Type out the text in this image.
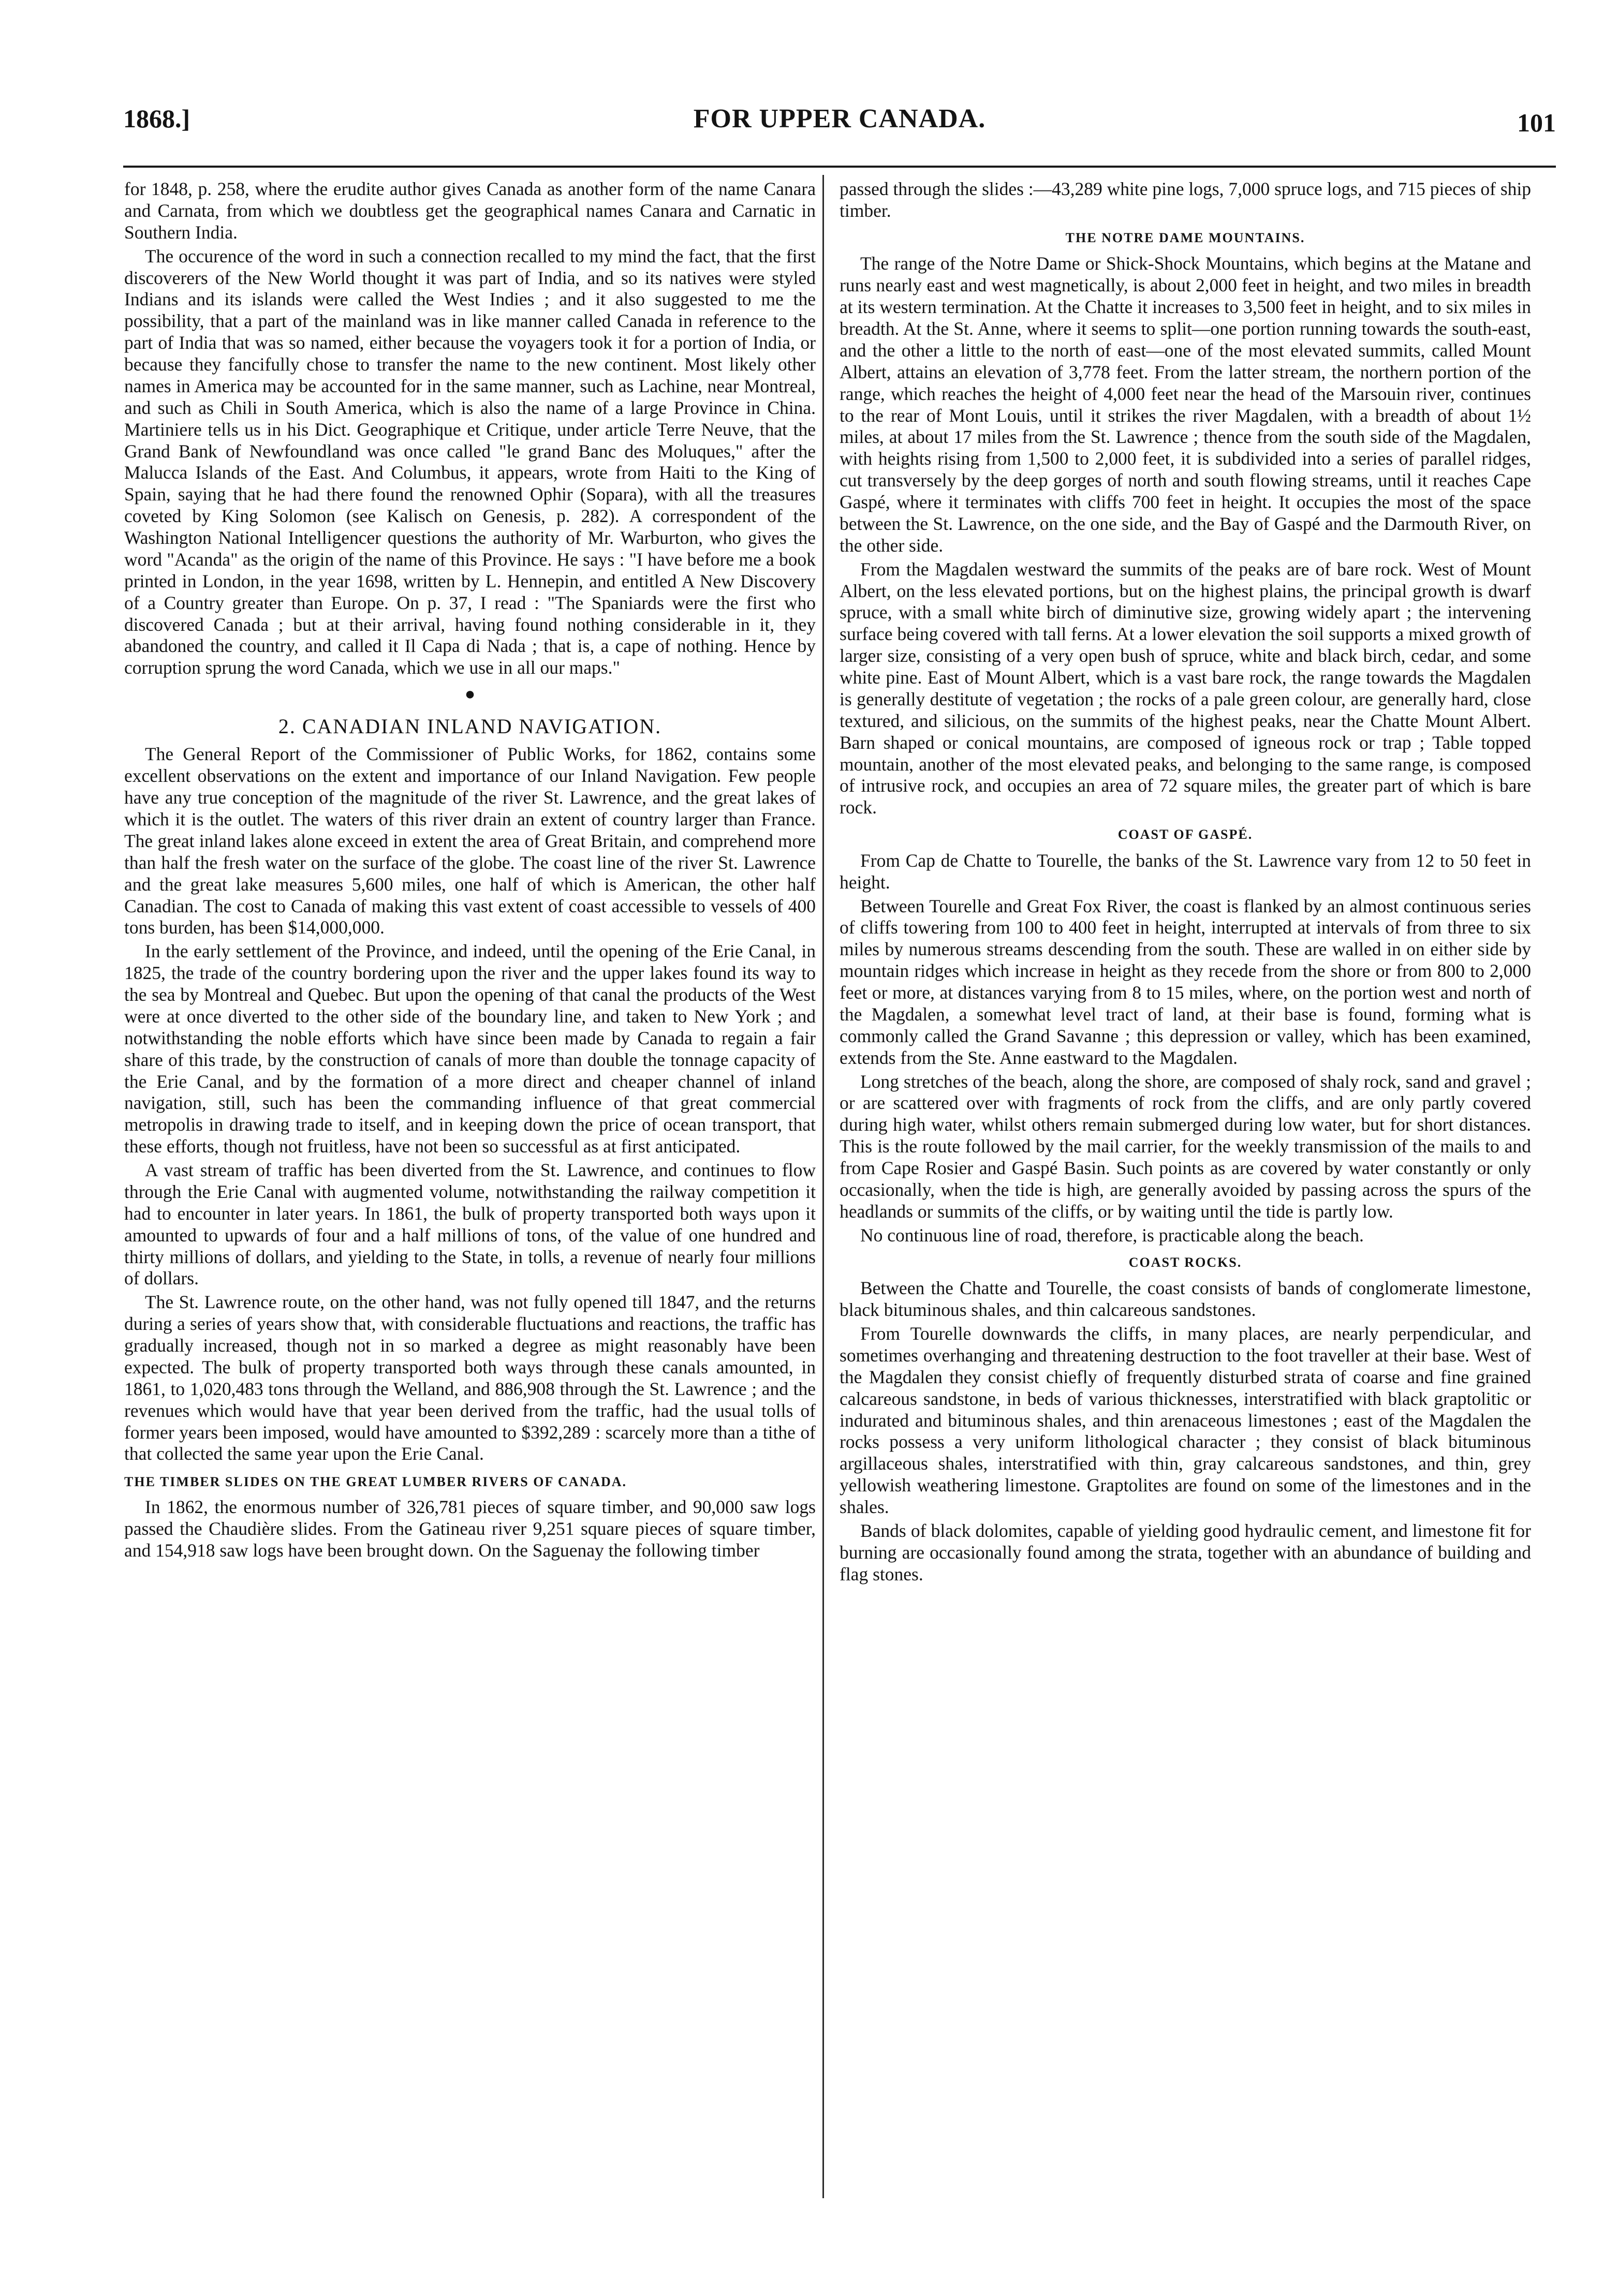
1868.]	FOR UPPER CANADA.	101

for 1848, p. 258, where the erudite author gives Canada as another form of the name Canara and Carnata, from which we doubtless get the geographical names Canara and Carnatic in Southern India.

The occurence of the word in such a connection recalled to my mind the fact, that the first discoverers of the New World thought it was part of India, and so its natives were styled Indians and its islands were called the West Indies ; and it also suggested to me the possibility, that a part of the mainland was in like manner called Canada in reference to the part of India that was so named, either because the voyagers took it for a portion of India, or because they fancifully chose to transfer the name to the new continent. Most likely other names in America may be accounted for in the same manner, such as Lachine, near Montreal, and such as Chili in South America, which is also the name of a large Province in China. Martiniere tells us in his Dict. Geographique et Critique, under article Terre Neuve, that the Grand Bank of Newfoundland was once called "le grand Banc des Moluques," after the Malucca Islands of the East. And Columbus, it appears, wrote from Haiti to the King of Spain, saying that he had there found the renowned Ophir (Sopara), with all the treasures coveted by King Solomon (see Kalisch on Genesis, p. 282). A correspondent of the Washington National Intelligencer questions the authority of Mr. Warburton, who gives the word "Acanda" as the origin of the name of this Province. He says : "I have before me a book printed in London, in the year 1698, written by L. Hennepin, and entitled A New Discovery of a Country greater than Europe. On p. 37, I read : "The Spaniards were the first who discovered Canada ; but at their arrival, having found nothing considerable in it, they abandoned the country, and called it Il Capa di Nada ; that is, a cape of nothing. Hence by corruption sprung the word Canada, which we use in all our maps."

●
2. CANADIAN INLAND NAVIGATION.

The General Report of the Commissioner of Public Works, for 1862, contains some excellent observations on the extent and importance of our Inland Navigation. Few people have any true conception of the magnitude of the river St. Lawrence, and the great lakes of which it is the outlet. The waters of this river drain an extent of country larger than France. The great inland lakes alone exceed in extent the area of Great Britain, and comprehend more than half the fresh water on the surface of the globe. The coast line of the river St. Lawrence and the great lake measures 5,600 miles, one half of which is American, the other half Canadian. The cost to Canada of making this vast extent of coast accessible to vessels of 400 tons burden, has been $14,000,000.

In the early settlement of the Province, and indeed, until the opening of the Erie Canal, in 1825, the trade of the country bordering upon the river and the upper lakes found its way to the sea by Montreal and Quebec. But upon the opening of that canal the products of the West were at once diverted to the other side of the boundary line, and taken to New York ; and notwithstanding the noble efforts which have since been made by Canada to regain a fair share of this trade, by the construction of canals of more than double the tonnage capacity of the Erie Canal, and by the formation of a more direct and cheaper channel of inland navigation, still, such has been the commanding influence of that great commercial metropolis in drawing trade to itself, and in keeping down the price of ocean transport, that these efforts, though not fruitless, have not been so successful as at first anticipated.

A vast stream of traffic has been diverted from the St. Lawrence, and continues to flow through the Erie Canal with augmented volume, notwithstanding the railway competition it had to encounter in later years. In 1861, the bulk of property transported both ways upon it amounted to upwards of four and a half millions of tons, of the value of one hundred and thirty millions of dollars, and yielding to the State, in tolls, a revenue of nearly four millions of dollars.

The St. Lawrence route, on the other hand, was not fully opened till 1847, and the returns during a series of years show that, with considerable fluctuations and reactions, the traffic has gradually increased, though not in so marked a degree as might reasonably have been expected. The bulk of property transported both ways through these canals amounted, in 1861, to 1,020,483 tons through the Welland, and 886,908 through the St. Lawrence ; and the revenues which would have that year been derived from the traffic, had the usual tolls of former years been imposed, would have amounted to $392,289 : scarcely more than a tithe of that collected the same year upon the Erie Canal.

THE TIMBER SLIDES ON THE GREAT LUMBER RIVERS OF CANADA.

In 1862, the enormous number of 326,781 pieces of square timber, and 90,000 saw logs passed the Chaudière slides. From the Gatineau river 9,251 square pieces of square timber, and 154,918 saw logs have been brought down. On the Saguenay the following timber

passed through the slides :—43,289 white pine logs, 7,000 spruce logs, and 715 pieces of ship timber.

THE NOTRE DAME MOUNTAINS.

The range of the Notre Dame or Shick-Shock Mountains, which begins at the Matane and runs nearly east and west magnetically, is about 2,000 feet in height, and two miles in breadth at its western termination. At the Chatte it increases to 3,500 feet in height, and to six miles in breadth. At the St. Anne, where it seems to split—one portion running towards the south-east, and the other a little to the north of east—one of the most elevated summits, called Mount Albert, attains an elevation of 3,778 feet. From the latter stream, the northern portion of the range, which reaches the height of 4,000 feet near the head of the Marsouin river, continues to the rear of Mont Louis, until it strikes the river Magdalen, with a breadth of about 1½ miles, at about 17 miles from the St. Lawrence ; thence from the south side of the Magdalen, with heights rising from 1,500 to 2,000 feet, it is subdivided into a series of parallel ridges, cut transversely by the deep gorges of north and south flowing streams, until it reaches Cape Gaspé, where it terminates with cliffs 700 feet in height. It occupies the most of the space between the St. Lawrence, on the one side, and the Bay of Gaspé and the Darmouth River, on the other side.

From the Magdalen westward the summits of the peaks are of bare rock. West of Mount Albert, on the less elevated portions, but on the highest plains, the principal growth is dwarf spruce, with a small white birch of diminutive size, growing widely apart ; the intervening surface being covered with tall ferns. At a lower elevation the soil supports a mixed growth of larger size, consisting of a very open bush of spruce, white and black birch, cedar, and some white pine. East of Mount Albert, which is a vast bare rock, the range towards the Magdalen is generally destitute of vegetation ; the rocks of a pale green colour, are generally hard, close textured, and silicious, on the summits of the highest peaks, near the Chatte Mount Albert. Barn shaped or conical mountains, are composed of igneous rock or trap ; Table topped mountain, another of the most elevated peaks, and belonging to the same range, is composed of intrusive rock, and occupies an area of 72 square miles, the greater part of which is bare rock.

COAST OF GASPÉ.

From Cap de Chatte to Tourelle, the banks of the St. Lawrence vary from 12 to 50 feet in height.

Between Tourelle and Great Fox River, the coast is flanked by an almost continuous series of cliffs towering from 100 to 400 feet in height, interrupted at intervals of from three to six miles by numerous streams descending from the south. These are walled in on either side by mountain ridges which increase in height as they recede from the shore or from 800 to 2,000 feet or more, at distances varying from 8 to 15 miles, where, on the portion west and north of the Magdalen, a somewhat level tract of land, at their base is found, forming what is commonly called the Grand Savanne ; this depression or valley, which has been examined, extends from the Ste. Anne eastward to the Magdalen.

Long stretches of the beach, along the shore, are composed of shaly rock, sand and gravel ; or are scattered over with fragments of rock from the cliffs, and are only partly covered during high water, whilst others remain submerged during low water, but for short distances. This is the route followed by the mail carrier, for the weekly transmission of the mails to and from Cape Rosier and Gaspé Basin. Such points as are covered by water constantly or only occasionally, when the tide is high, are generally avoided by passing across the spurs of the headlands or summits of the cliffs, or by waiting until the tide is partly low.

No continuous line of road, therefore, is practicable along the beach.

COAST ROCKS.

Between the Chatte and Tourelle, the coast consists of bands of conglomerate limestone, black bituminous shales, and thin calcareous sandstones.

From Tourelle downwards the cliffs, in many places, are nearly perpendicular, and sometimes overhanging and threatening destruction to the foot traveller at their base. West of the Magdalen they consist chiefly of frequently disturbed strata of coarse and fine grained calcareous sandstone, in beds of various thicknesses, interstratified with black graptolitic or indurated and bituminous shales, and thin arenaceous limestones ; east of the Magdalen the rocks possess a very uniform lithological character ; they consist of black bituminous argillaceous shales, interstratified with thin, gray calcareous sandstones, and thin, grey yellowish weathering limestone. Graptolites are found on some of the limestones and in the shales.

Bands of black dolomites, capable of yielding good hydraulic cement, and limestone fit for burning are occasionally found among the strata, together with an abundance of building and flag stones.
